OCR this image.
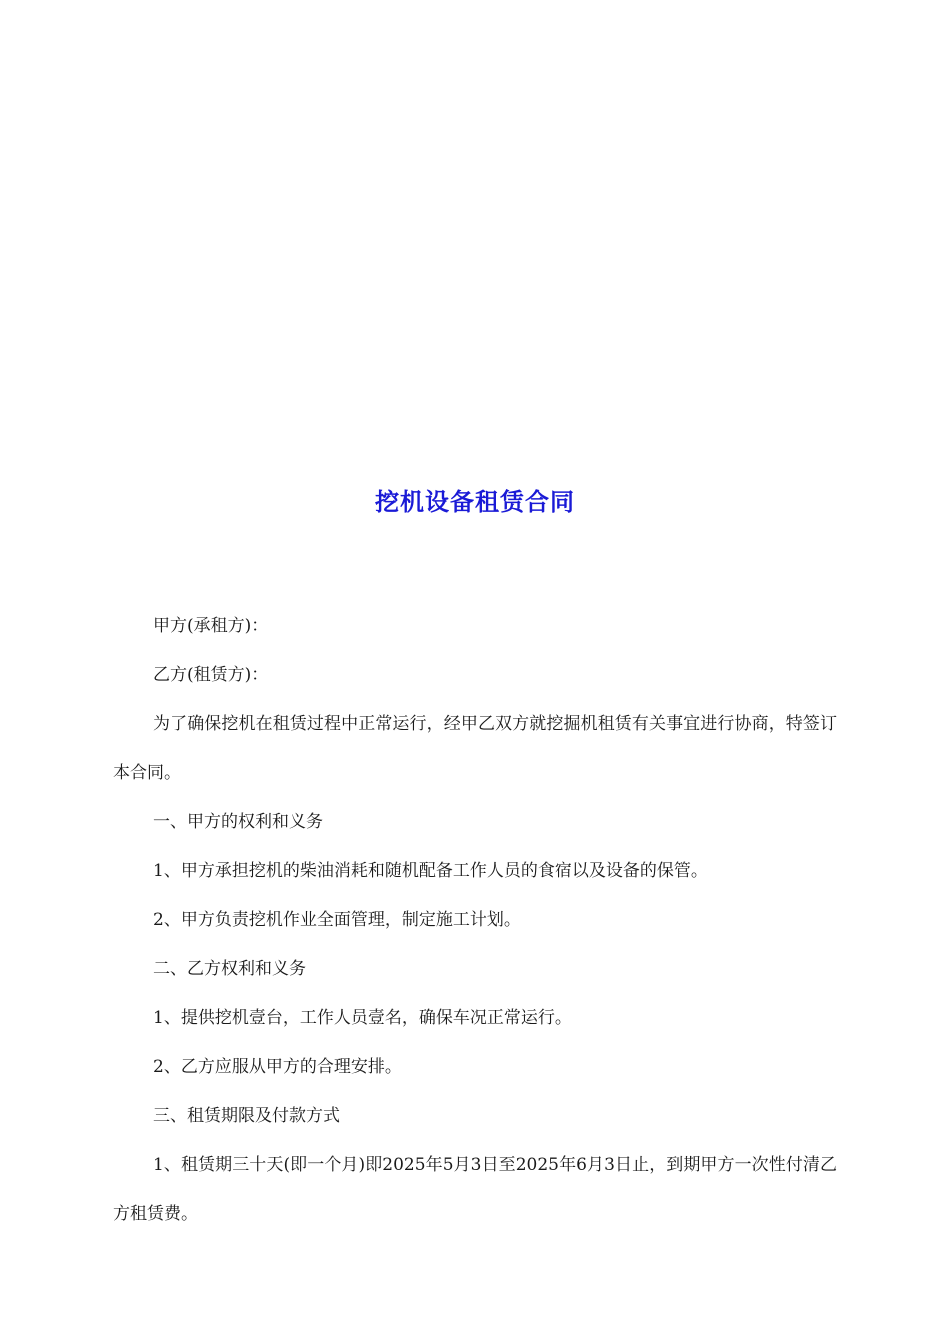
挖机设备租赁合同

甲方(承租方)：

乙方(租赁方)：

为了确保挖机在租赁过程中正常运行，经甲乙双方就挖掘机租赁有关事宜进行协商，特签订本合同。

一、甲方的权利和义务

1、甲方承担挖机的柴油消耗和随机配备工作人员的食宿以及设备的保管。

2、甲方负责挖机作业全面管理，制定施工计划。

二、乙方权利和义务

1、提供挖机壹台，工作人员壹名，确保车况正常运行。

2、乙方应服从甲方的合理安排。

三、租赁期限及付款方式

1、租赁期三十天(即一个月)即2025年5月3日至2025年6月3日止，到期甲方一次性付清乙方租赁费。
